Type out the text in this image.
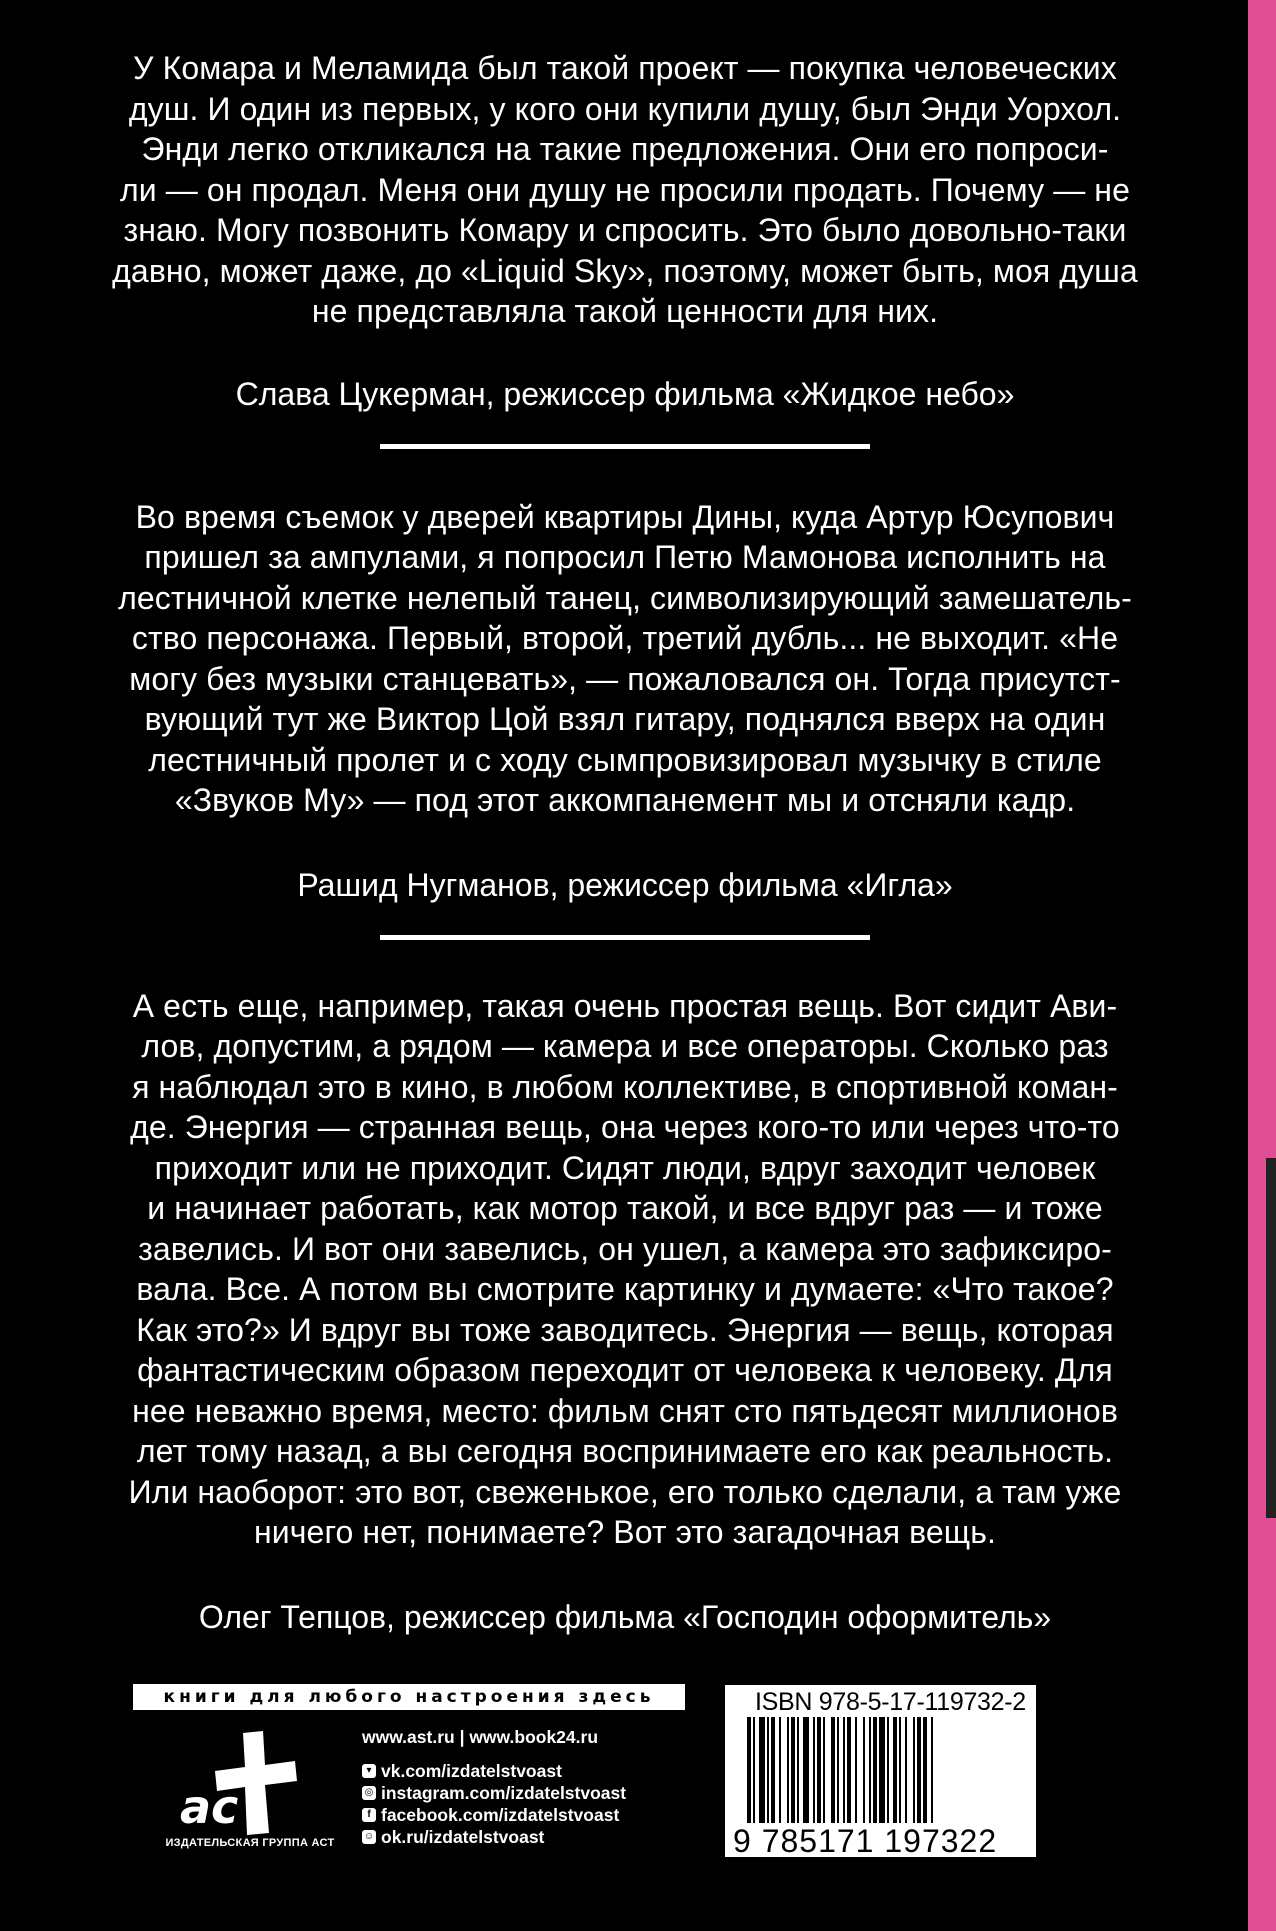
У Комара и Меламида был такой проект — покупка человеческих
душ. И один из первых, у кого они купили душу, был Энди Уорхол.
Энди легко откликался на такие предложения. Они его попроси-
ли — он продал. Меня они душу не просили продать. Почему — не
знаю. Могу позвонить Комару и спросить. Это было довольно-таки
давно, может даже, до «Liquid Sky», поэтому, может быть, моя душа
не представляла такой ценности для них.

Слава Цукерман, режиссер фильма «Жидкое небо»

Во время съемок у дверей квартиры Дины, куда Артур Юсупович
пришел за ампулами, я попросил Петю Мамонова исполнить на
лестничной клетке нелепый танец, символизирующий замешатель-
ство персонажа. Первый, второй, третий дубль... не выходит. «Не
могу без музыки станцевать», — пожаловался он. Тогда присутст-
вующий тут же Виктор Цой взял гитару, поднялся вверх на один
лестничный пролет и с ходу сымпровизировал музычку в стиле
«Звуков Му» — под этот аккомпанемент мы и отсняли кадр.

Рашид Нугманов, режиссер фильма «Игла»

А есть еще, например, такая очень простая вещь. Вот сидит Ави-
лов, допустим, а рядом — камера и все операторы. Сколько раз
я наблюдал это в кино, в любом коллективе, в спортивной коман-
де. Энергия — странная вещь, она через кого-то или через что-то
приходит или не приходит. Сидят люди, вдруг заходит человек
и начинает работать, как мотор такой, и все вдруг раз — и тоже
завелись. И вот они завелись, он ушел, а камера это зафиксиро-
вала. Все. А потом вы смотрите картинку и думаете: «Что такое?
Как это?» И вдруг вы тоже заводитесь. Энергия — вещь, которая
фантастическим образом переходит от человека к человеку. Для
нее неважно время, место: фильм снят сто пятьдесят миллионов
лет тому назад, а вы сегодня воспринимаете его как реальность.
Или наоборот: это вот, свеженькое, его только сделали, а там уже
ничего нет, понимаете? Вот это загадочная вещь.

Олег Тепцов, режиссер фильма «Господин оформитель»

книги для любого настроения здесь
ac
ИЗДАТЕЛЬСКАЯ ГРУППА АСТ
www.ast.ru | www.book24.ru
▾ vk.com/izdatelstvoast
◎ instagram.com/izdatelstvoast
f facebook.com/izdatelstvoast
☺ ok.ru/izdatelstvoast
ISBN 978-5-17-119732-2
9 785171 197322
